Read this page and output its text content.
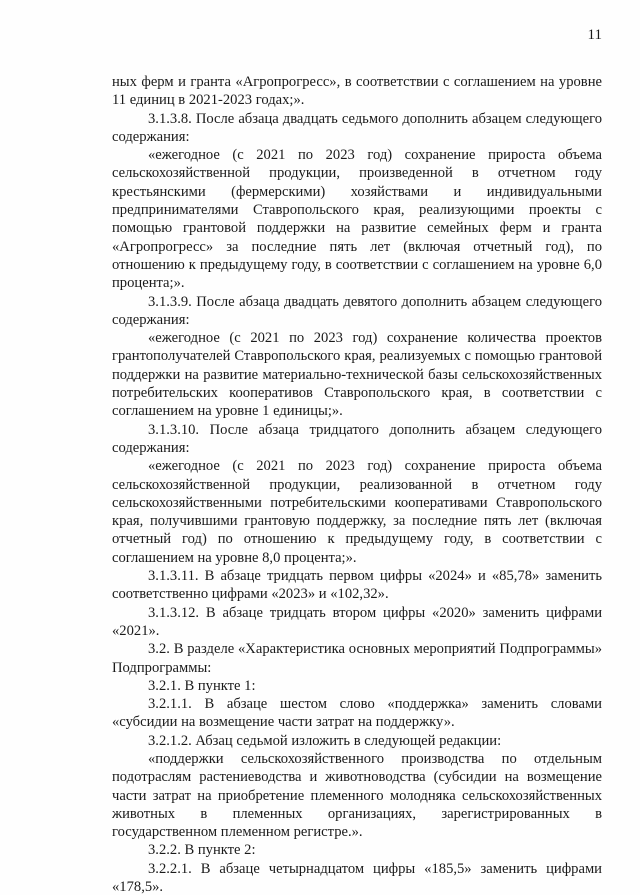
11

ных ферм и гранта «Агропрогресс», в соответствии с соглашением на уровне 11 единиц в 2021-2023 годах;».

3.1.3.8. После абзаца двадцать седьмого дополнить абзацем следующего содержания:

«ежегодное (с 2021 по 2023 год) сохранение прироста объема сельскохозяйственной продукции, произведенной в отчетном году крестьянскими (фермерскими) хозяйствами и индивидуальными предпринимателями Ставропольского края, реализующими проекты с помощью грантовой поддержки на развитие семейных ферм и гранта «Агропрогресс» за последние пять лет (включая отчетный год), по отношению к предыдущему году, в соответствии с соглашением на уровне 6,0 процента;».

3.1.3.9. После абзаца двадцать девятого дополнить абзацем следующего содержания:

«ежегодное (с 2021 по 2023 год) сохранение количества проектов грантополучателей Ставропольского края, реализуемых с помощью грантовой поддержки на развитие материально-технической базы сельскохозяйственных потребительских кооперативов Ставропольского края, в соответствии с соглашением на уровне 1 единицы;».

3.1.3.10. После абзаца тридцатого дополнить абзацем следующего содержания:

«ежегодное (с 2021 по 2023 год) сохранение прироста объема сельскохозяйственной продукции, реализованной в отчетном году сельскохозяйственными потребительскими кооперативами Ставропольского края, получившими грантовую поддержку, за последние пять лет (включая отчетный год) по отношению к предыдущему году, в соответствии с соглашением на уровне 8,0 процента;».

3.1.3.11. В абзаце тридцать первом цифры «2024» и «85,78» заменить соответственно цифрами «2023» и «102,32».

3.1.3.12. В абзаце тридцать втором цифры «2020» заменить цифрами «2021».

3.2. В разделе «Характеристика основных мероприятий Подпрограммы» Подпрограммы:

3.2.1. В пункте 1:

3.2.1.1. В абзаце шестом слово «поддержка» заменить словами «субсидии на возмещение части затрат на поддержку».

3.2.1.2. Абзац седьмой изложить в следующей редакции:

«поддержки сельскохозяйственного производства по отдельным подотраслям растениеводства и животноводства (субсидии на возмещение части затрат на приобретение племенного молодняка сельскохозяйственных животных в племенных организациях, зарегистрированных в государственном племенном регистре.».

3.2.2. В пункте 2:

3.2.2.1. В абзаце четырнадцатом цифры «185,5» заменить цифрами «178,5».
